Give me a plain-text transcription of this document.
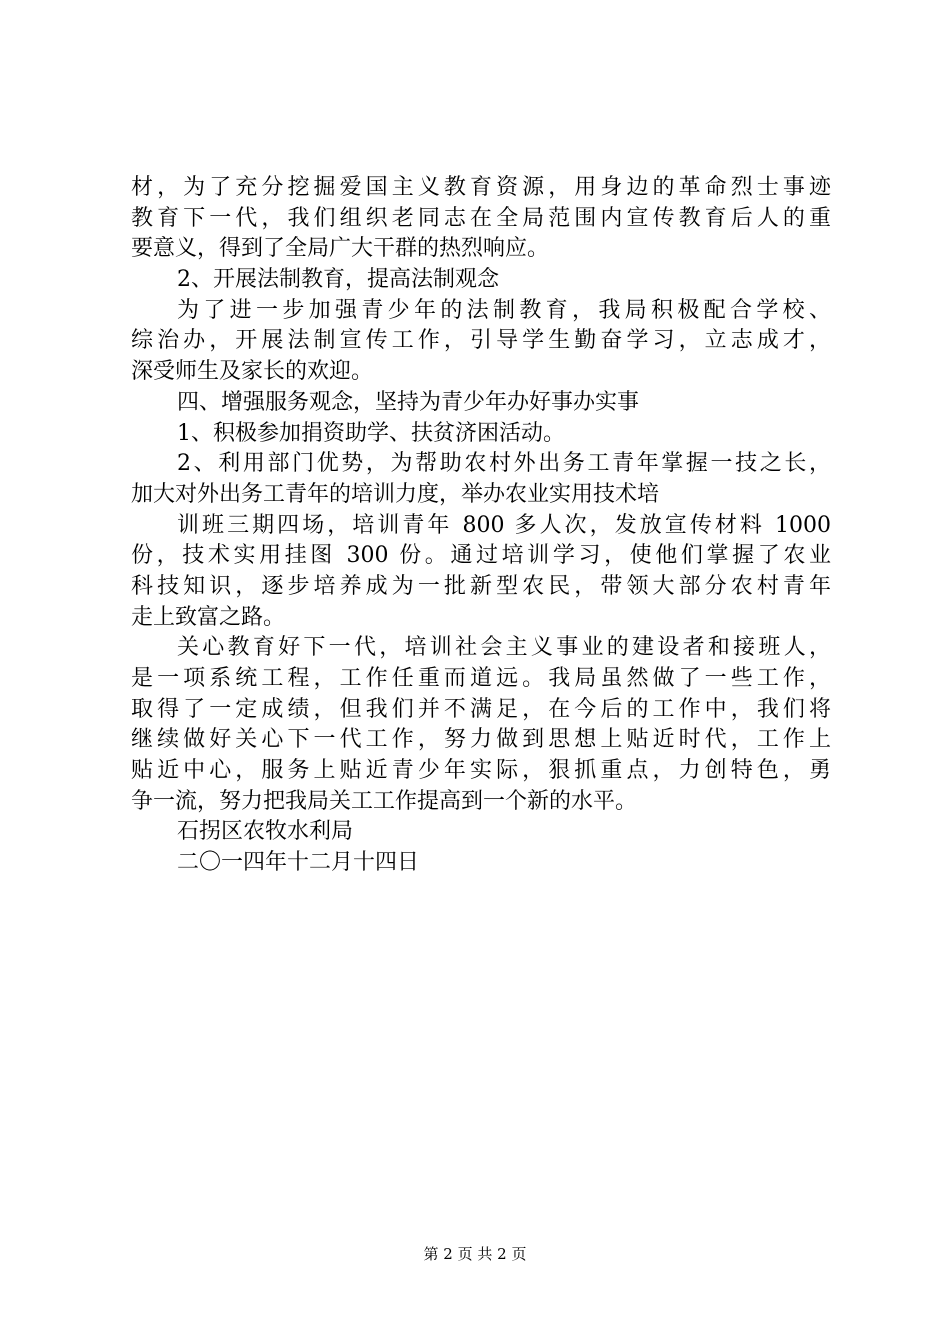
材，为了充分挖掘爱国主义教育资源，用身边的革命烈士事迹
教育下一代，我们组织老同志在全局范围内宣传教育后人的重
要意义，得到了全局广大干群的热烈响应。
2、开展法制教育，提高法制观念
为了进一步加强青少年的法制教育，我局积极配合学校、
综治办，开展法制宣传工作，引导学生勤奋学习，立志成才，
深受师生及家长的欢迎。
四、增强服务观念，坚持为青少年办好事办实事
1、积极参加捐资助学、扶贫济困活动。
2、利用部门优势，为帮助农村外出务工青年掌握一技之长，
加大对外出务工青年的培训力度，举办农业实用技术培
训班三期四场，培训青年 800 多人次，发放宣传材料 1000
份，技术实用挂图 300 份。通过培训学习，使他们掌握了农业
科技知识，逐步培养成为一批新型农民，带领大部分农村青年
走上致富之路。
关心教育好下一代，培训社会主义事业的建设者和接班人，
是一项系统工程，工作任重而道远。我局虽然做了一些工作，
取得了一定成绩，但我们并不满足，在今后的工作中，我们将
继续做好关心下一代工作，努力做到思想上贴近时代，工作上
贴近中心，服务上贴近青少年实际，狠抓重点，力创特色，勇
争一流，努力把我局关工工作提高到一个新的水平。
石拐区农牧水利局
二〇一四年十二月十四日
第 2 页 共 2 页
